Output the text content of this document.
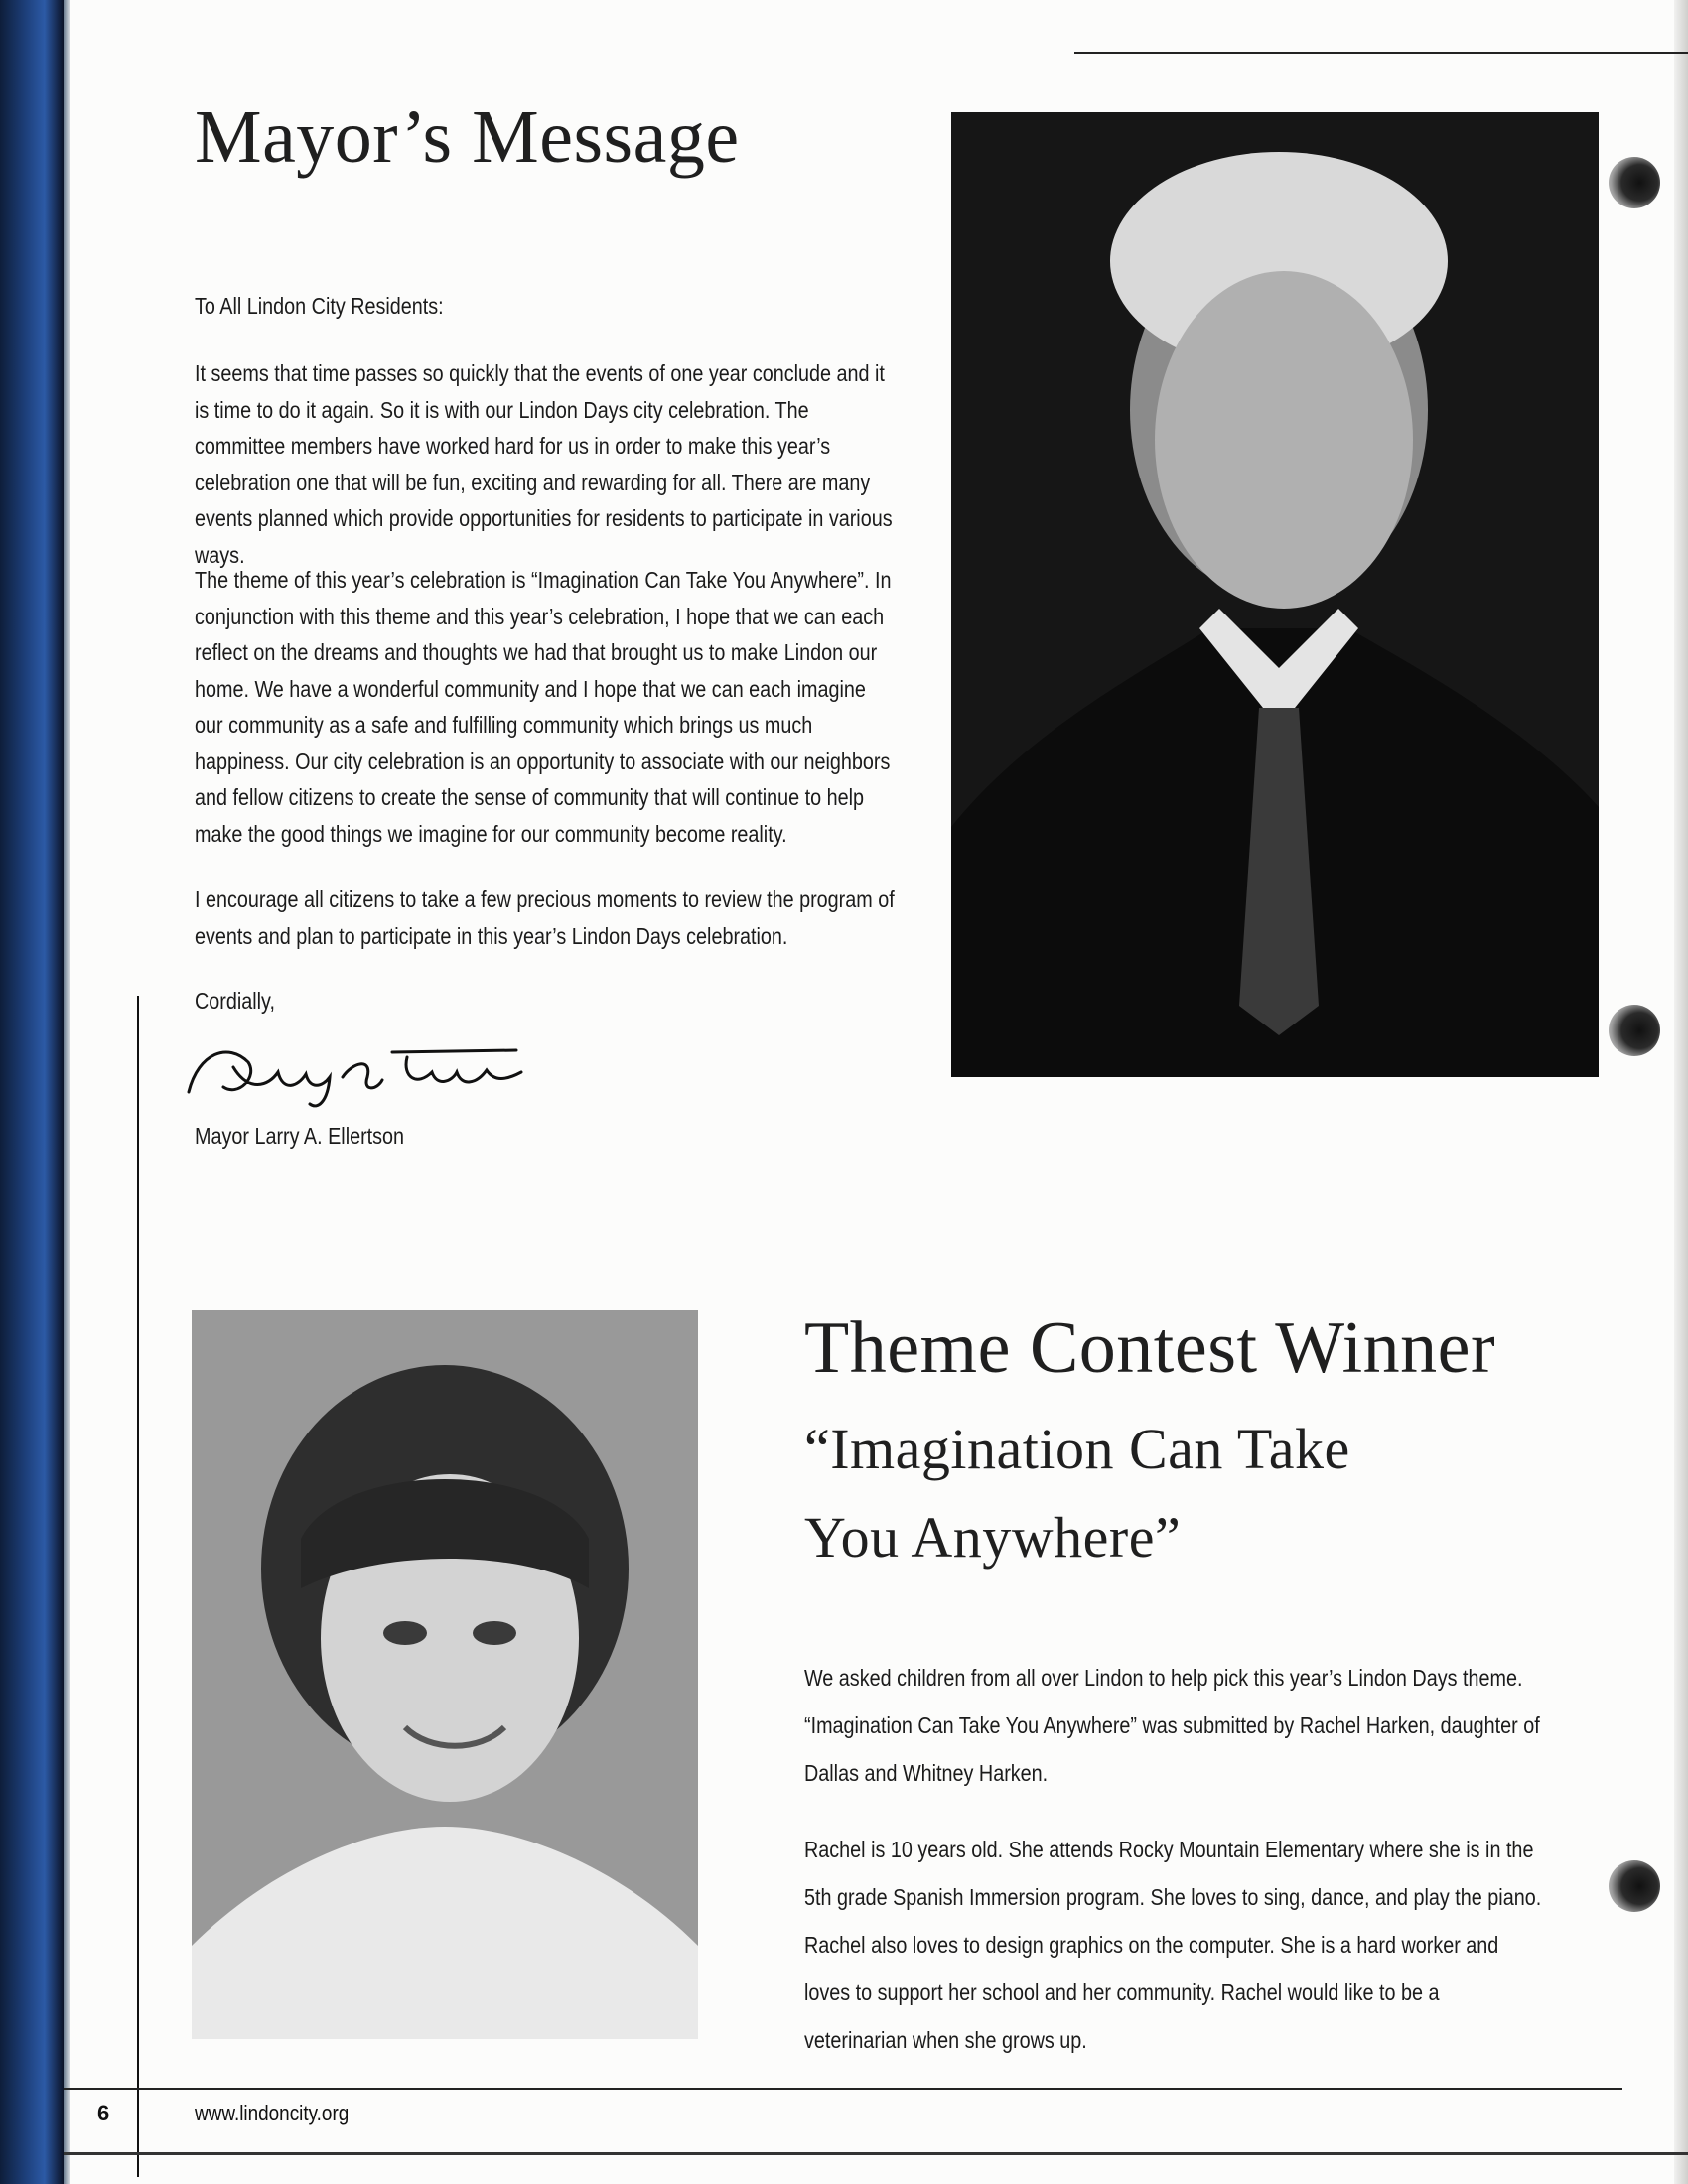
Mayor’s Message

To All Lindon City Residents:

It seems that time passes so quickly that the events of one year conclude and it is time to do it again. So it is with our Lindon Days city celebration. The committee members have worked hard for us in order to make this year’s celebration one that will be fun, exciting and rewarding for all. There are many events planned which provide opportunities for residents to participate in various ways.

The theme of this year’s celebration is “Imagination Can Take You Anywhere”. In conjunction with this theme and this year’s celebration, I hope that we can each reflect on the dreams and thoughts we had that brought us to make Lindon our home. We have a wonderful community and I hope that we can each imagine our community as a safe and fulfilling community which brings us much happiness. Our city celebration is an opportunity to associate with our neighbors and fellow citizens to create the sense of community that will continue to help make the good things we imagine for our community become reality.

I encourage all citizens to take a few precious moments to review the program of events and plan to participate in this year’s Lindon Days celebration.

Cordially,

Mayor Larry A. Ellertson

Theme Contest Winner
“Imagination Can Take
You Anywhere”

We asked children from all over Lindon to help pick this year’s Lindon Days theme. “Imagination Can Take You Anywhere” was submitted by Rachel Harken, daughter of Dallas and Whitney Harken.

Rachel is 10 years old. She attends Rocky Mountain Elementary where she is in the 5th grade Spanish Immersion program. She loves to sing, dance, and play the piano. Rachel also loves to design graphics on the computer. She is a hard worker and loves to support her school and her community. Rachel would like to be a veterinarian when she grows up.

6	www.lindoncity.org
